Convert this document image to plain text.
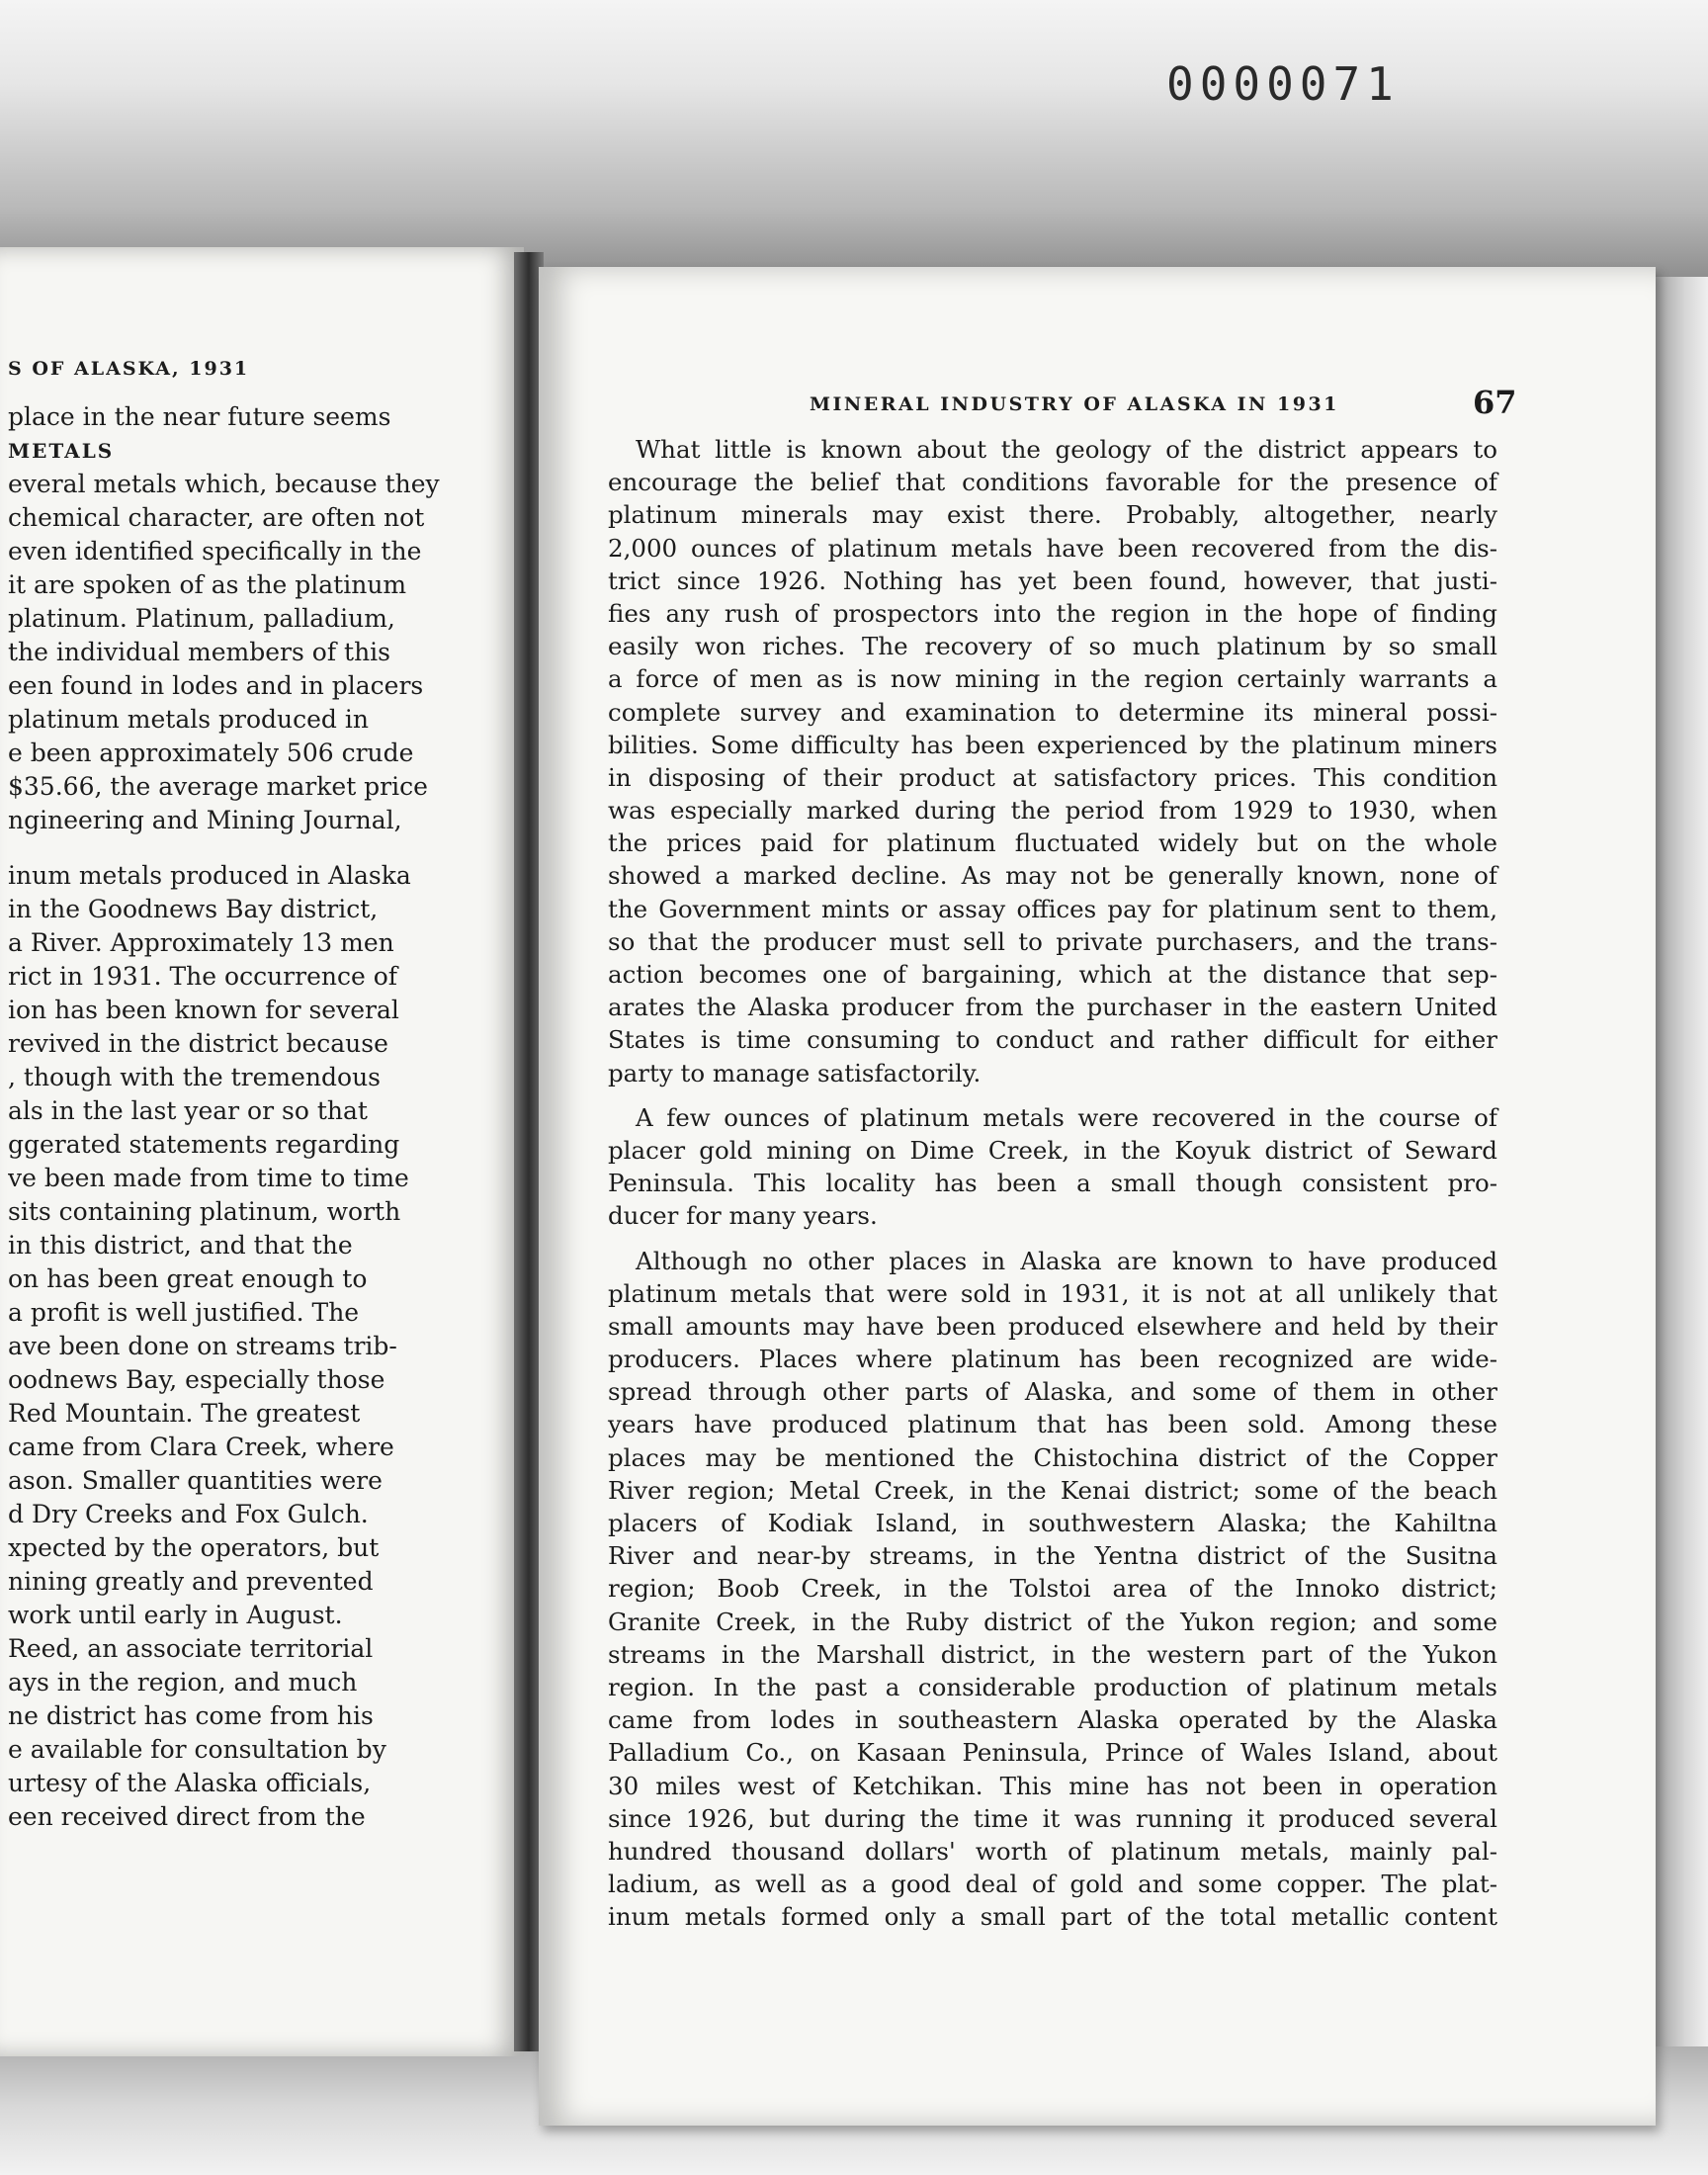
0000071
S OF ALASKA, 1931
place in the near future seems
METALS
everal metals which, because they
chemical character, are often not
even identified specifically in the
it are spoken of as the platinum
platinum. Platinum, palladium,
the individual members of this
een found in lodes and in placers
platinum metals produced in
e been approximately 506 crude
$35.66, the average market price
ngineering and Mining Journal,
inum metals produced in Alaska
in the Goodnews Bay district,
a River. Approximately 13 men
rict in 1931. The occurrence of
ion has been known for several
revived in the district because
, though with the tremendous
als in the last year or so that
ggerated statements regarding
ve been made from time to time
sits containing platinum, worth
in this district, and that the
on has been great enough to
a profit is well justified. The
ave been done on streams trib-
oodnews Bay, especially those
Red Mountain. The greatest
came from Clara Creek, where
ason. Smaller quantities were
d Dry Creeks and Fox Gulch.
xpected by the operators, but
nining greatly and prevented
work until early in August.
Reed, an associate territorial
ays in the region, and much
ne district has come from his
e available for consultation by
urtesy of the Alaska officials,
een received direct from the
MINERAL INDUSTRY OF ALASKA IN 1931	67
What little is known about the geology of the district appears to
encourage the belief that conditions favorable for the presence of
platinum minerals may exist there. Probably, altogether, nearly
2,000 ounces of platinum metals have been recovered from the dis-
trict since 1926. Nothing has yet been found, however, that justi-
fies any rush of prospectors into the region in the hope of finding
easily won riches. The recovery of so much platinum by so small
a force of men as is now mining in the region certainly warrants a
complete survey and examination to determine its mineral possi-
bilities. Some difficulty has been experienced by the platinum miners
in disposing of their product at satisfactory prices. This condition
was especially marked during the period from 1929 to 1930, when
the prices paid for platinum fluctuated widely but on the whole
showed a marked decline. As may not be generally known, none of
the Government mints or assay offices pay for platinum sent to them,
so that the producer must sell to private purchasers, and the trans-
action becomes one of bargaining, which at the distance that sep-
arates the Alaska producer from the purchaser in the eastern United
States is time consuming to conduct and rather difficult for either
party to manage satisfactorily.
A few ounces of platinum metals were recovered in the course of
placer gold mining on Dime Creek, in the Koyuk district of Seward
Peninsula. This locality has been a small though consistent pro-
ducer for many years.
Although no other places in Alaska are known to have produced
platinum metals that were sold in 1931, it is not at all unlikely that
small amounts may have been produced elsewhere and held by their
producers. Places where platinum has been recognized are wide-
spread through other parts of Alaska, and some of them in other
years have produced platinum that has been sold. Among these
places may be mentioned the Chistochina district of the Copper
River region; Metal Creek, in the Kenai district; some of the beach
placers of Kodiak Island, in southwestern Alaska; the Kahiltna
River and near-by streams, in the Yentna district of the Susitna
region; Boob Creek, in the Tolstoi area of the Innoko district;
Granite Creek, in the Ruby district of the Yukon region; and some
streams in the Marshall district, in the western part of the Yukon
region. In the past a considerable production of platinum metals
came from lodes in southeastern Alaska operated by the Alaska
Palladium Co., on Kasaan Peninsula, Prince of Wales Island, about
30 miles west of Ketchikan. This mine has not been in operation
since 1926, but during the time it was running it produced several
hundred thousand dollars' worth of platinum metals, mainly pal-
ladium, as well as a good deal of gold and some copper. The plat-
inum metals formed only a small part of the total metallic content
